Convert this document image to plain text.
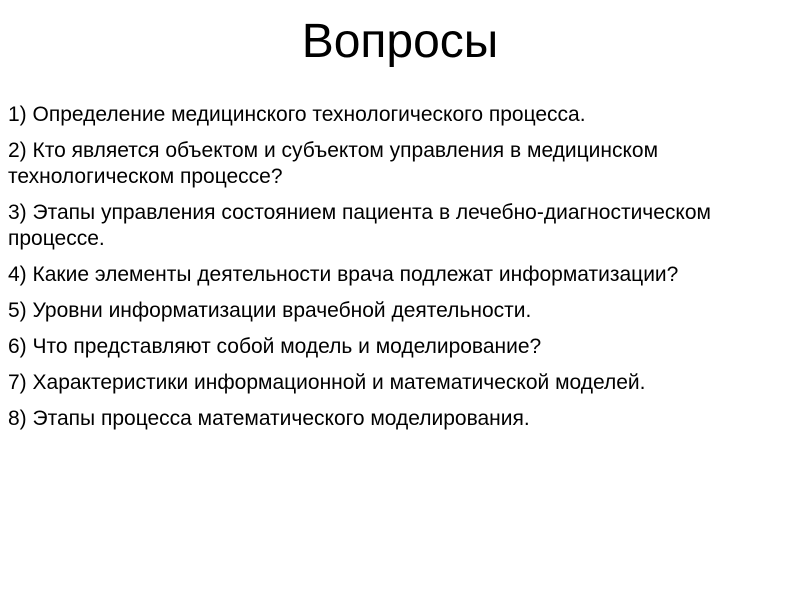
Вопросы
1) Определение медицинского технологического процесса.
2) Кто является объектом и субъектом управления в медицинском технологическом процессе?
3) Этапы управления состоянием пациента в лечебно-диагностическом процессе.
4) Какие элементы деятельности врача подлежат информатизации?
5) Уровни информатизации врачебной деятельности.
6) Что представляют собой модель и моделирование?
7) Характеристики информационной и математической моделей.
8) Этапы процесса математического моделирования.
